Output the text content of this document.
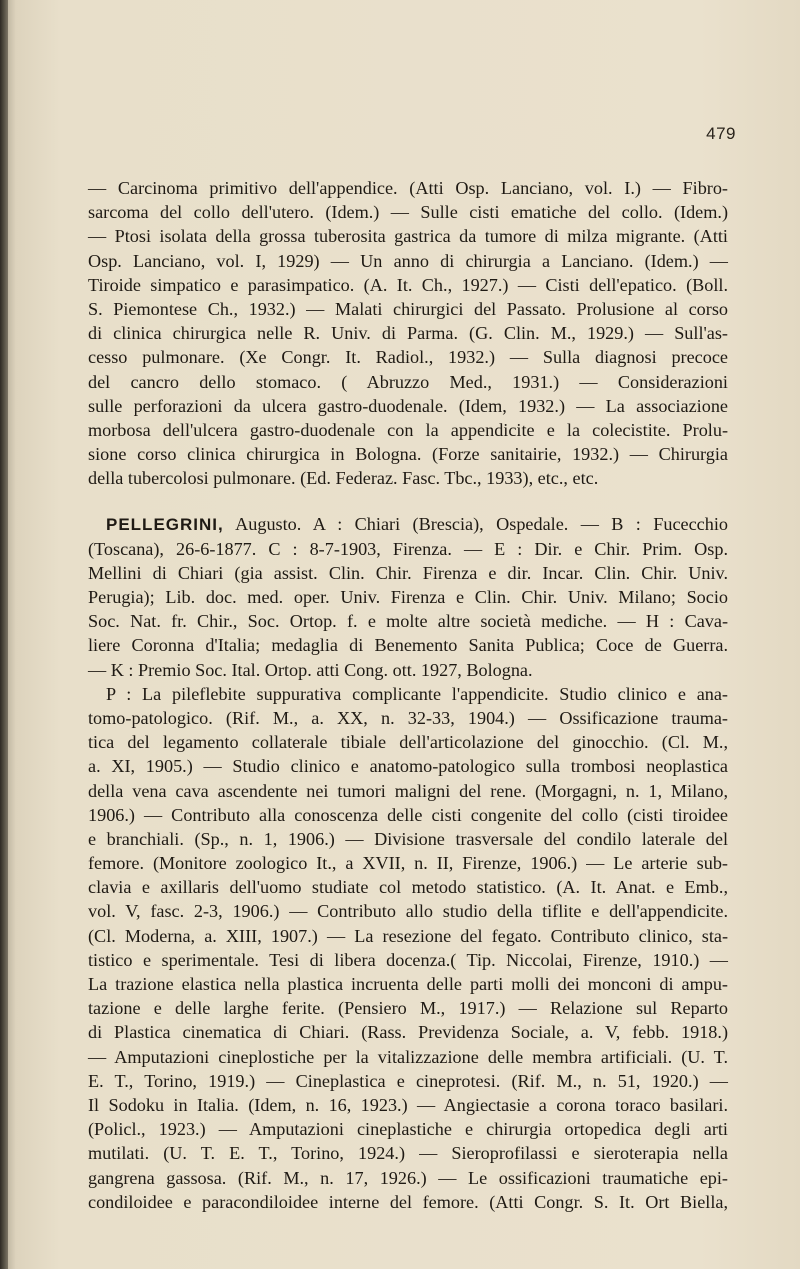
479
— Carcinoma primitivo dell'appendice. (Atti Osp. Lanciano, vol. I.) — Fibro-
sarcoma del collo dell'utero. (Idem.) — Sulle cisti ematiche del collo. (Idem.)
— Ptosi isolata della grossa tuberosita gastrica da tumore di milza migrante. (Atti
Osp. Lanciano, vol. I, 1929) — Un anno di chirurgia a Lanciano. (Idem.) —
Tiroide simpatico e parasimpatico. (A. It. Ch., 1927.) — Cisti dell'epatico. (Boll.
S. Piemontese Ch., 1932.) — Malati chirurgici del Passato. Prolusione al corso
di clinica chirurgica nelle R. Univ. di Parma. (G. Clin. M., 1929.) — Sull'as-
cesso pulmonare. (Xe Congr. It. Radiol., 1932.) — Sulla diagnosi precoce
del cancro dello stomaco. ( Abruzzo Med., 1931.) — Considerazioni
sulle perforazioni da ulcera gastro-duodenale. (Idem, 1932.) — La associazione
morbosa dell'ulcera gastro-duodenale con la appendicite e la colecistite. Prolu-
sione corso clinica chirurgica in Bologna. (Forze sanitairie, 1932.) — Chirurgia
della tubercolosi pulmonare. (Ed. Federaz. Fasc. Tbc., 1933), etc., etc.
PELLEGRINI, Augusto. A : Chiari (Brescia), Ospedale. — B : Fucecchio
(Toscana), 26-6-1877. C : 8-7-1903, Firenza. — E : Dir. e Chir. Prim. Osp.
Mellini di Chiari (gia assist. Clin. Chir. Firenza e dir. Incar. Clin. Chir. Univ.
Perugia); Lib. doc. med. oper. Univ. Firenza e Clin. Chir. Univ. Milano; Socio
Soc. Nat. fr. Chir., Soc. Ortop. f. e molte altre società mediche. — H : Cava-
liere Coronna d'Italia; medaglia di Benemento Sanita Publica; Coce de Guerra.
— K : Premio Soc. Ital. Ortop. atti Cong. ott. 1927, Bologna.
P : La pileflebite suppurativa complicante l'appendicite. Studio clinico e ana-
tomo-patologico. (Rif. M., a. XX, n. 32-33, 1904.) — Ossificazione trauma-
tica del legamento collaterale tibiale dell'articolazione del ginocchio. (Cl. M.,
a. XI, 1905.) — Studio clinico e anatomo-patologico sulla trombosi neoplastica
della vena cava ascendente nei tumori maligni del rene. (Morgagni, n. 1, Milano,
1906.) — Contributo alla conoscenza delle cisti congenite del collo (cisti tiroidee
e branchiali. (Sp., n. 1, 1906.) — Divisione trasversale del condilo laterale del
femore. (Monitore zoologico It., a XVII, n. II, Firenze, 1906.) — Le arterie sub-
clavia e axillaris dell'uomo studiate col metodo statistico. (A. It. Anat. e Emb.,
vol. V, fasc. 2-3, 1906.) — Contributo allo studio della tiflite e dell'appendicite.
(Cl. Moderna, a. XIII, 1907.) — La resezione del fegato. Contributo clinico, sta-
tistico e sperimentale. Tesi di libera docenza.( Tip. Niccolai, Firenze, 1910.) —
La trazione elastica nella plastica incruenta delle parti molli dei monconi di ampu-
tazione e delle larghe ferite. (Pensiero M., 1917.) — Relazione sul Reparto
di Plastica cinematica di Chiari. (Rass. Previdenza Sociale, a. V, febb. 1918.)
— Amputazioni cineplostiche per la vitalizzazione delle membra artificiali. (U. T.
E. T., Torino, 1919.) — Cineplastica e cineprotesi. (Rif. M., n. 51, 1920.) —
Il Sodoku in Italia. (Idem, n. 16, 1923.) — Angiectasie a corona toraco basilari.
(Policl., 1923.) — Amputazioni cineplastiche e chirurgia ortopedica degli arti
mutilati. (U. T. E. T., Torino, 1924.) — Sieroprofilassi e sieroterapia nella
gangrena gassosa. (Rif. M., n. 17, 1926.) — Le ossificazioni traumatiche epi-
condiloidee e paracondiloidee interne del femore. (Atti Congr. S. It. Ort Biella,
